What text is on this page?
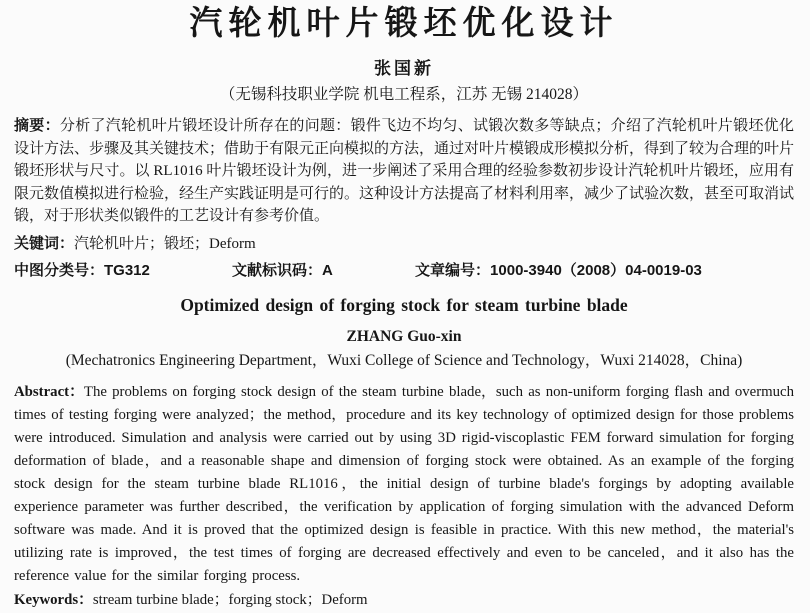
汽轮机叶片锻坯优化设计
张国新
（无锡科技职业学院 机电工程系，江苏 无锡 214028）
摘要：分析了汽轮机叶片锻坯设计所存在的问题：锻件飞边不均匀、试锻次数多等缺点；介绍了汽轮机叶片锻坯优化设计方法、步骤及其关键技术；借助于有限元正向模拟的方法，通过对叶片模锻成形模拟分析，得到了较为合理的叶片锻坯形状与尺寸。以 RL1016 叶片锻坯设计为例，进一步阐述了采用合理的经验参数初步设计汽轮机叶片锻坯，应用有限元数值模拟进行检验，经生产实践证明是可行的。这种设计方法提高了材料利用率，减少了试验次数，甚至可取消试锻，对于形状类似锻件的工艺设计有参考价值。
关键词：汽轮机叶片；锻坯；Deform
中图分类号：TG312	文献标识码：A	文章编号：1000-3940（2008）04-0019-03
Optimized design of forging stock for steam turbine blade
ZHANG Guo-xin
(Mechatronics Engineering Department，Wuxi College of Science and Technology，Wuxi 214028，China)
Abstract：The problems on forging stock design of the steam turbine blade，such as non-uniform forging flash and overmuch times of testing forging were analyzed；the method，procedure and its key technology of optimized design for those problems were introduced. Simulation and analysis were carried out by using 3D rigid-viscoplastic FEM forward simulation for forging deformation of blade，and a reasonable shape and dimension of forging stock were obtained. As an example of the forging stock design for the steam turbine blade RL1016，the initial design of turbine blade's forgings by adopting available experience parameter was further described，the verification by application of forging simulation with the advanced Deform software was made. And it is proved that the optimized design is feasible in practice. With this new method，the material's utilizing rate is improved，the test times of forging are decreased effectively and even to be canceled，and it also has the reference value for the similar forging process.
Keywords：stream turbine blade；forging stock；Deform
